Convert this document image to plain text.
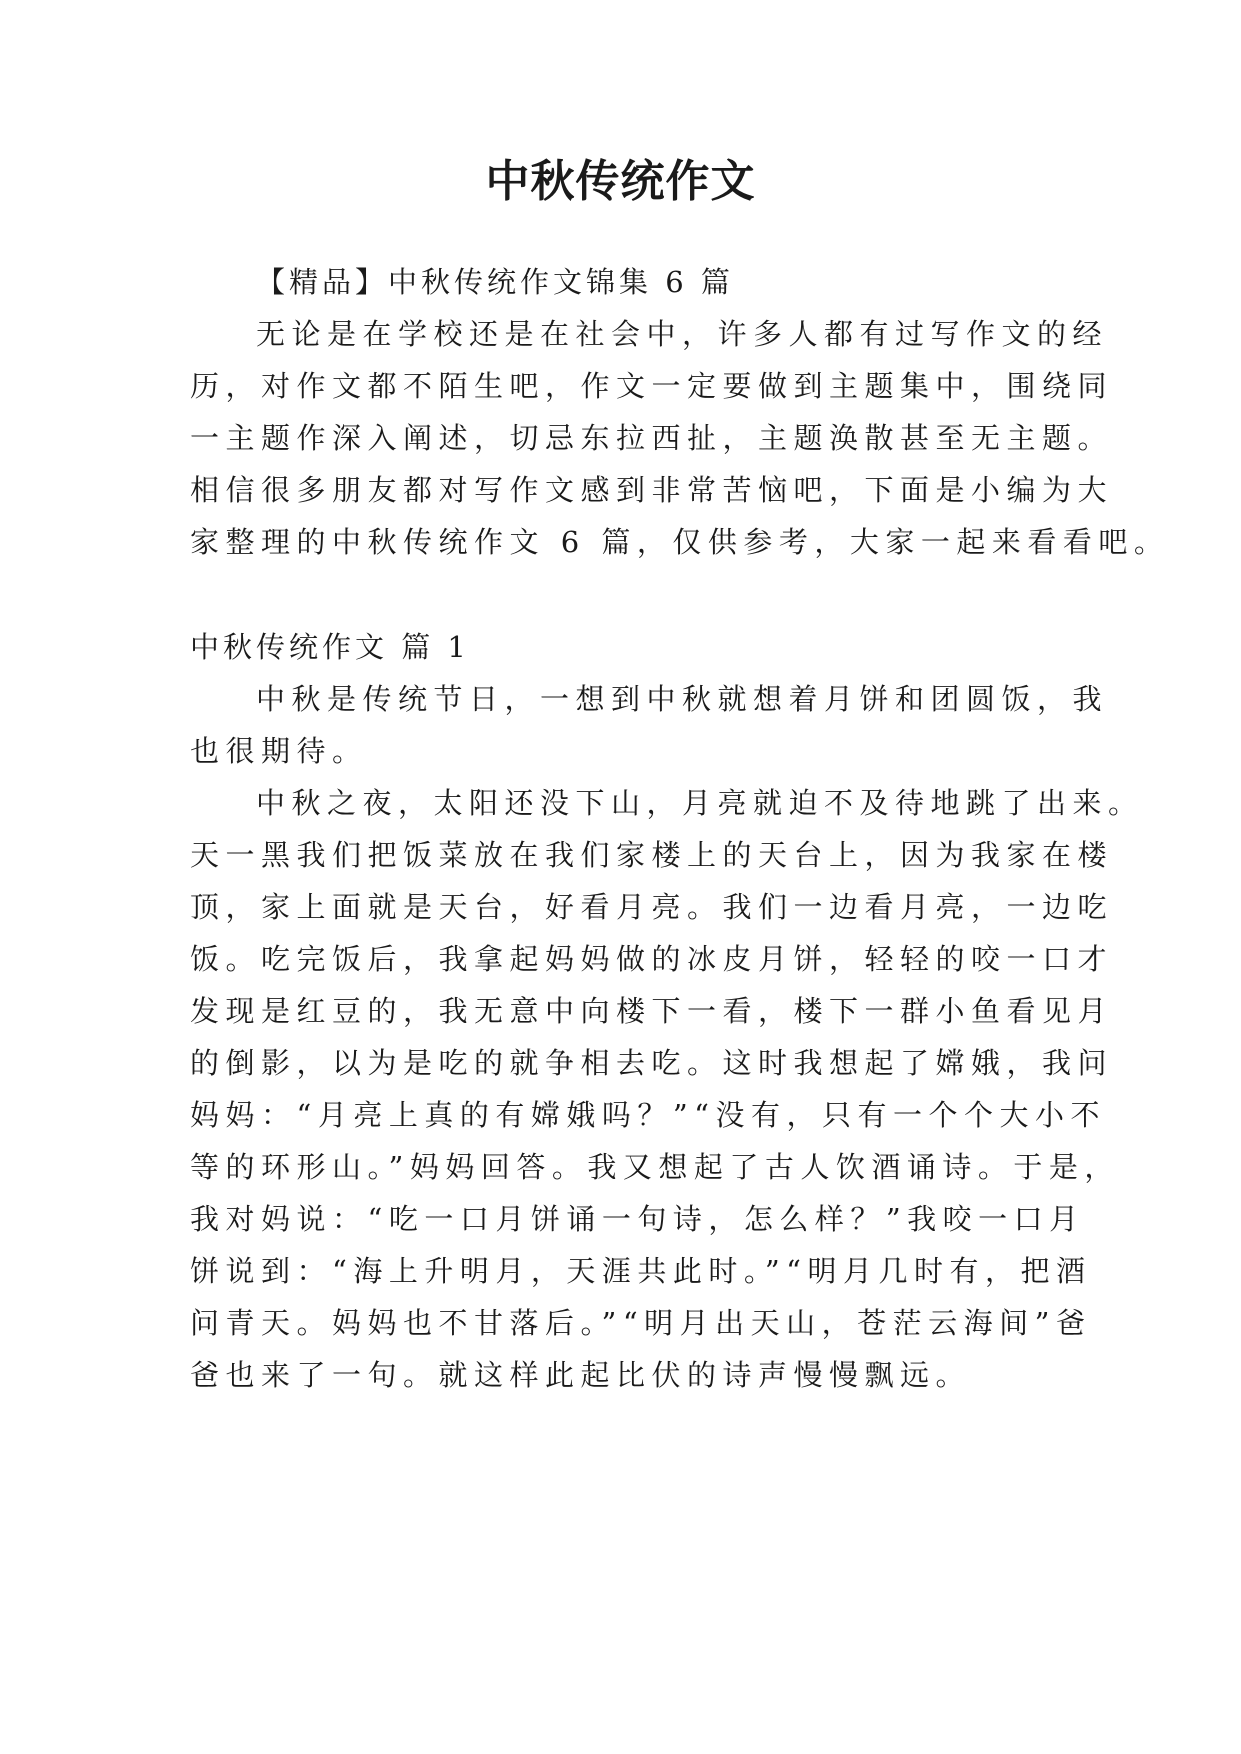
中秋传统作文
【精品】中秋传统作文锦集 6 篇
无论是在学校还是在社会中，许多人都有过写作文的经
历，对作文都不陌生吧，作文一定要做到主题集中，围绕同
一主题作深入阐述，切忌东拉西扯，主题涣散甚至无主题。
相信很多朋友都对写作文感到非常苦恼吧，下面是小编为大
家整理的中秋传统作文 6 篇，仅供参考，大家一起来看看吧。
中秋传统作文 篇 1
中秋是传统节日，一想到中秋就想着月饼和团圆饭，我
也很期待。
中秋之夜，太阳还没下山，月亮就迫不及待地跳了出来。
天一黑我们把饭菜放在我们家楼上的天台上，因为我家在楼
顶，家上面就是天台，好看月亮。我们一边看月亮，一边吃
饭。吃完饭后，我拿起妈妈做的冰皮月饼，轻轻的咬一口才
发现是红豆的，我无意中向楼下一看，楼下一群小鱼看见月
的倒影，以为是吃的就争相去吃。这时我想起了嫦娥，我问
妈妈：“月亮上真的有嫦娥吗？”“没有，只有一个个大小不
等的环形山。”妈妈回答。我又想起了古人饮酒诵诗。于是，
我对妈说：“吃一口月饼诵一句诗，怎么样？”我咬一口月
饼说到：“海上升明月，天涯共此时。”“明月几时有，把酒
问青天。妈妈也不甘落后。”“明月出天山，苍茫云海间”爸
爸也来了一句。就这样此起比伏的诗声慢慢飘远。
